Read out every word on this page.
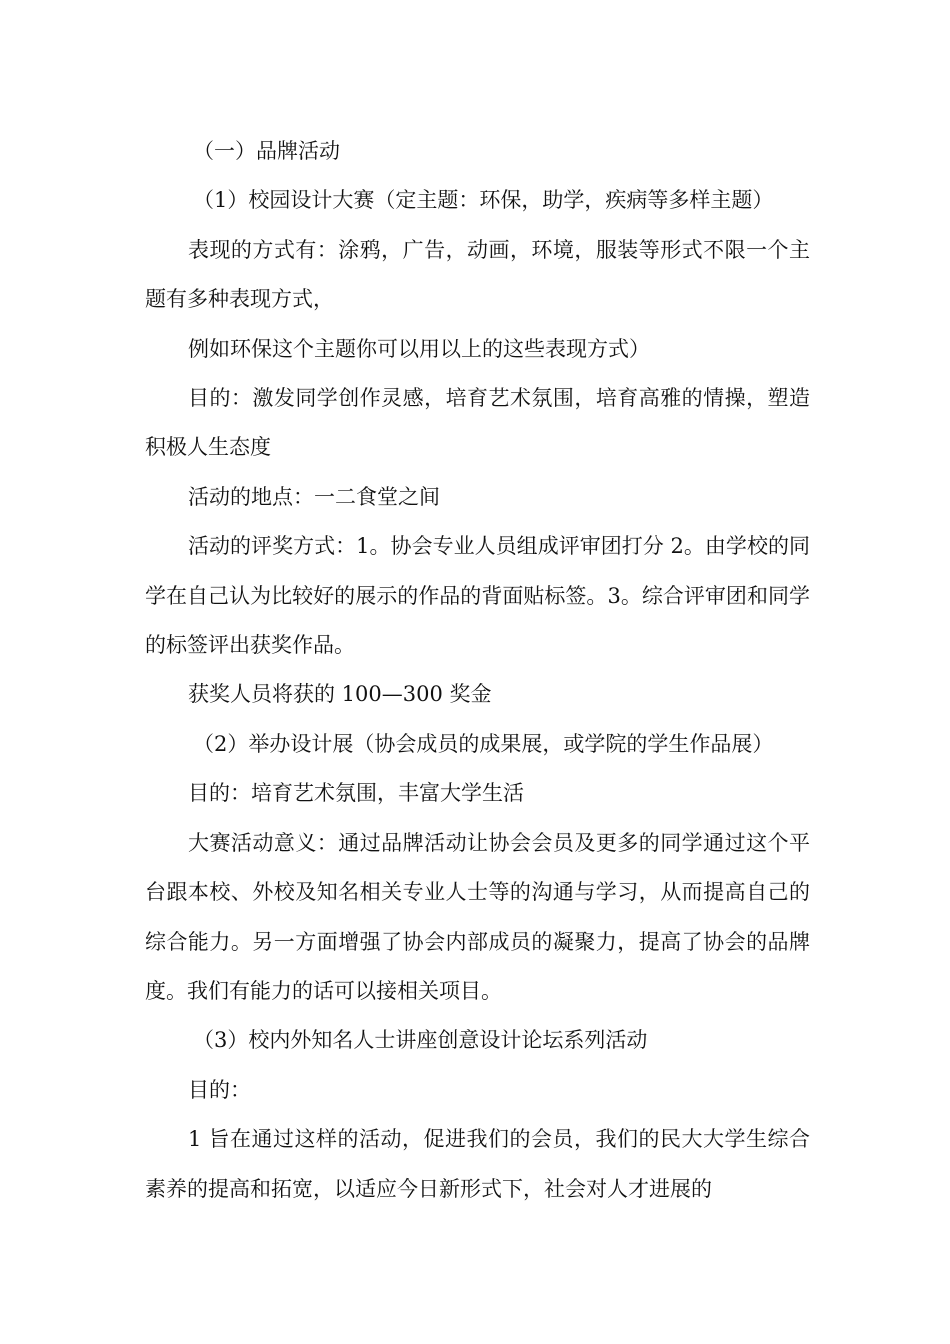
（一）品牌活动

（1）校园设计大赛（定主题：环保，助学，疾病等多样主题）

表现的方式有：涂鸦，广告，动画，环境，服装等形式不限一个主题有多种表现方式，

例如环保这个主题你可以用以上的这些表现方式）

目的：激发同学创作灵感，培育艺术氛围，培育高雅的情操，塑造积极人生态度

活动的地点：一二食堂之间

活动的评奖方式：1。协会专业人员组成评审团打分 2。由学校的同学在自己认为比较好的展示的作品的背面贴标签。3。综合评审团和同学的标签评出获奖作品。

获奖人员将获的 100—300 奖金

（2）举办设计展（协会成员的成果展，或学院的学生作品展）

目的：培育艺术氛围，丰富大学生活

大赛活动意义：通过品牌活动让协会会员及更多的同学通过这个平台跟本校、外校及知名相关专业人士等的沟通与学习，从而提高自己的综合能力。另一方面增强了协会内部成员的凝聚力，提高了协会的品牌度。我们有能力的话可以接相关项目。

（3）校内外知名人士讲座创意设计论坛系列活动

目的：

1 旨在通过这样的活动，促进我们的会员，我们的民大大学生综合素养的提高和拓宽，以适应今日新形式下，社会对人才进展的
